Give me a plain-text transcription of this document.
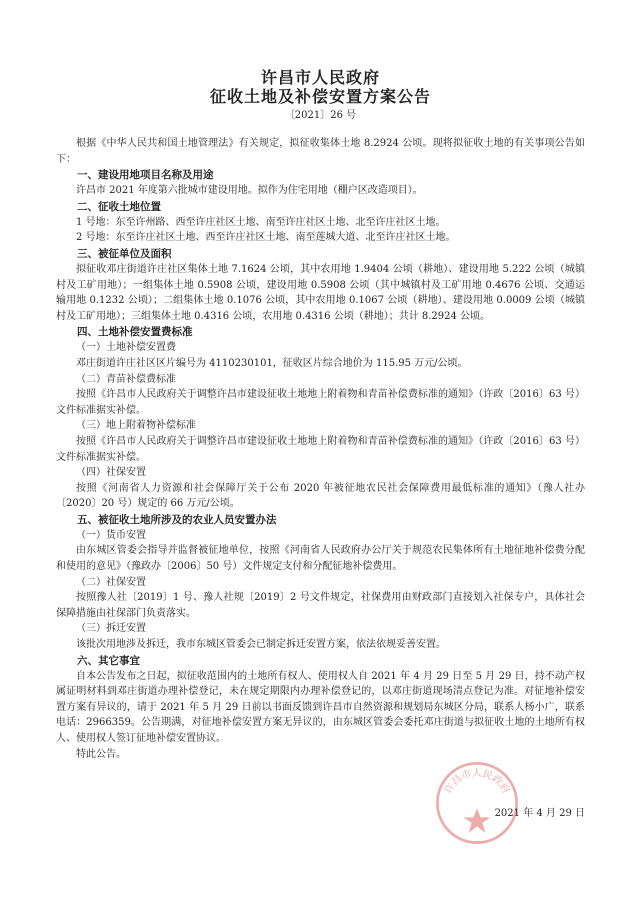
许昌市人民政府
征收土地及补偿安置方案公告
〔2021〕26 号

根据《中华人民共和国土地管理法》有关规定，拟征收集体土地 8.2924 公顷。现将拟征收土地的有关事项公告如下：

一、建设用地项目名称及用途

许昌市 2021 年度第六批城市建设用地。拟作为住宅用地（棚户区改造项目）。

二、征收土地位置

1 号地：东至许州路、西至许庄社区土地、南至许庄社区土地、北至许庄社区土地。

2 号地：东至许庄社区土地、西至许庄社区土地、南至莲城大道、北至许庄社区土地。

三、被征单位及面积

拟征收邓庄街道许庄社区集体土地 7.1624 公顷，其中农用地 1.9404 公顷（耕地）、建设用地 5.222 公顷（城镇村及工矿用地）；一组集体土地 0.5908 公顷，建设用地 0.5908 公顷（其中城镇村及工矿用地 0.4676 公顷、交通运输用地 0.1232 公顷）；二组集体土地 0.1076 公顷，其中农用地 0.1067 公顷（耕地）、建设用地 0.0009 公顷（城镇村及工矿用地）；三组集体土地 0.4316 公顷，农用地 0.4316 公顷（耕地）；共计 8.2924 公顷。

四、土地补偿安置费标准

（一）土地补偿安置费

邓庄街道许庄社区区片编号为 4110230101，征收区片综合地价为 115.95 万元/公顷。

（二）青苗补偿费标准

按照《许昌市人民政府关于调整许昌市建设征收土地地上附着物和青苗补偿费标准的通知》（许政〔2016〕63 号）文件标准据实补偿。

（三）地上附着物补偿标准

按照《许昌市人民政府关于调整许昌市建设征收土地地上附着物和青苗补偿费标准的通知》（许政〔2016〕63 号）文件标准据实补偿。

（四）社保安置

按照《河南省人力资源和社会保障厅关于公布 2020 年被征地农民社会保障费用最低标准的通知》（豫人社办〔2020〕20 号）规定的 66 万元/公顷。

五、被征收土地所涉及的农业人员安置办法

（一）货币安置

由东城区管委会指导并监督被征地单位，按照《河南省人民政府办公厅关于规范农民集体所有土地征地补偿费分配和使用的意见》（豫政办〔2006〕50 号）文件规定支付和分配征地补偿费用。

（二）社保安置

按照豫人社〔2019〕1 号、豫人社规〔2019〕2 号文件规定，社保费用由财政部门直接划入社保专户，具体社会保障措施由社保部门负责落实。

（三）拆迁安置

该批次用地涉及拆迁，我市东城区管委会已制定拆迁安置方案，依法依规妥善安置。

六、其它事宜

自本公告发布之日起，拟征收范围内的土地所有权人、使用权人自 2021 年 4 月 29 日至 5 月 29 日，持不动产权属证明材料到邓庄街道办理补偿登记，未在规定期限内办理补偿登记的，以邓庄街道现场清点登记为准。对征地补偿安置方案有异议的，请于 2021 年 5 月 29 日前以书面反馈到许昌市自然资源和规划局东城区分局，联系人杨小广，联系电话：2966359。公告期满，对征地补偿安置方案无异议的，由东城区管委会委托邓庄街道与拟征收土地的土地所有权人、使用权人签订征地补偿安置协议。

特此公告。

许昌市人民政府
2021 年 4 月 29 日
